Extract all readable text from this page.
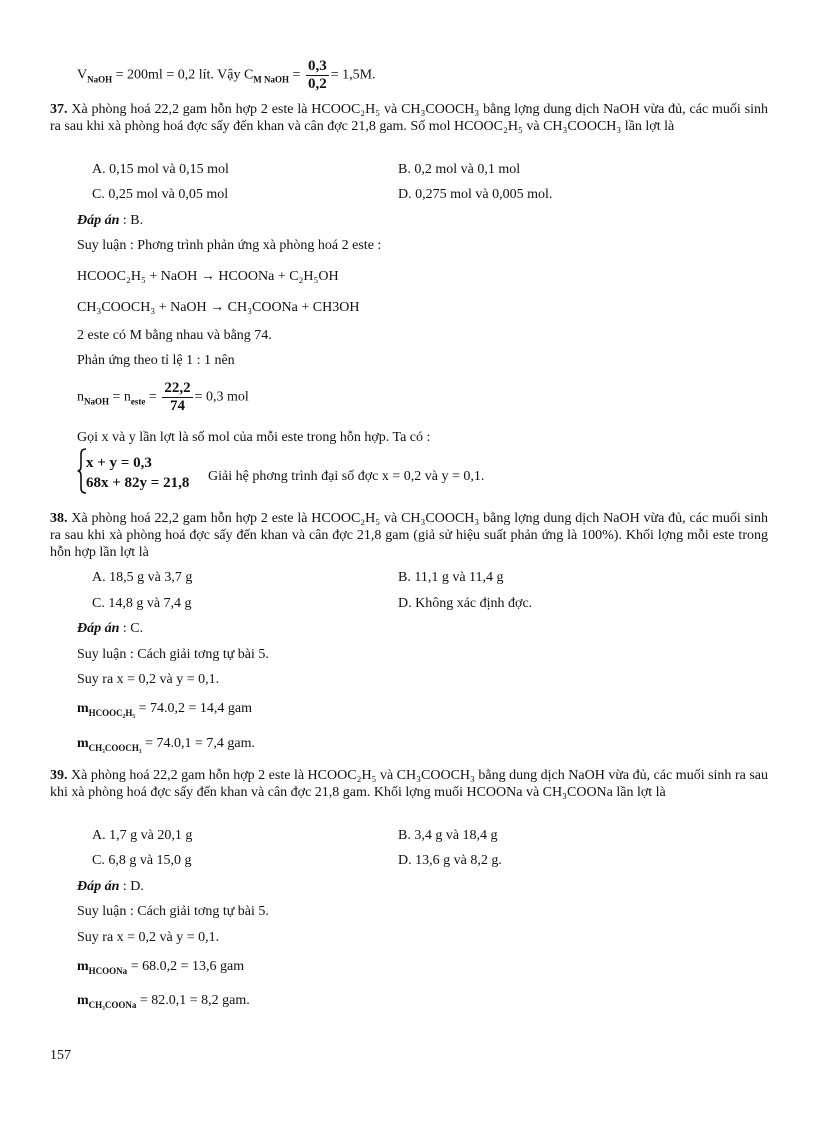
$V_{NaOH} = 200ml = 0,2$ lít. Vậy $C_{M NaOH} = \frac{0,3}{0,2} = 1,5M$.
37. Xà phòng hoá 22,2 gam hỗn hợp 2 este là HCOOC₂H₅ và CH₃COOCH₃ bằng lợng dung dịch NaOH vừa đủ, các muối sinh ra sau khi xà phòng hoá đợc sấy đến khan và cân đợc 21,8 gam. Số mol HCOOC₂H₅ và CH₃COOCH₃ lần lợt là
A. 0,15 mol và 0,15 mol	B. 0,2 mol và 0,1 mol
C. 0,25 mol và 0,05 mol	D. 0,275 mol và 0,005 mol.
Đáp án : B.
Suy luận : Phơng trình phản ứng xà phòng hoá 2 este :
HCOOC₂H₅ + NaOH → HCOONa + C₂H₅OH
CH₃COOCH₃ + NaOH → CH₃COONa + CH3OH
2 este có M bằng nhau và bằng 74.
Phản ứng theo tỉ lệ 1 : 1 nên
$n_{NaOH} = n_{este} = \frac{22,2}{74} = 0,3$ mol
Gọi x và y lần lợt là số mol của mỗi este trong hỗn hợp. Ta có :
x + y = 0,3
68x + 82y = 21,8 Giải hệ phơng trình đại số đợc x = 0,2 và y = 0,1.
38. Xà phòng hoá 22,2 gam hỗn hợp 2 este là HCOOC₂H₅ và CH₃COOCH₃ bằng lợng dung dịch NaOH vừa đủ, các muối sinh ra sau khi xà phòng hoá đợc sấy đến khan và cân đợc 21,8 gam (giả sử hiệu suất phản ứng là 100%). Khối lợng mỗi este trong hỗn hợp lần lợt là
A. 18,5 g và 3,7 g	B. 11,1 g và 11,4 g
C. 14,8 g và 7,4 g	D. Không xác định đợc.
Đáp án : C.
Suy luận : Cách giải tơng tự bài 5.
Suy ra x = 0,2 và y = 0,1.
$m_{HCOOC_2H_5} = 74.0,2 = 14,4$ gam
$m_{CH_3COOCH_3} = 74.0,1 = 7,4$ gam.
39. Xà phòng hoá 22,2 gam hỗn hợp 2 este là HCOOC₂H₅ và CH₃COOCH₃ bằng dung dịch NaOH vừa đủ, các muối sinh ra sau khi xà phòng hoá đợc sấy đến khan và cân đợc 21,8 gam. Khối lợng muối HCOONa và CH₃COONa lần lợt là
A. 1,7 g và 20,1 g	B. 3,4 g và 18,4 g
C. 6,8 g và 15,0 g	D. 13,6 g và 8,2 g.
Đáp án : D.
Suy luận : Cách giải tơng tự bài 5.
Suy ra x = 0,2 và y = 0,1.
$m_{HCOONa} = 68.0,2 = 13,6$ gam
$m_{CH_3COONa} = 82.0,1 = 8,2$ gam.
157
